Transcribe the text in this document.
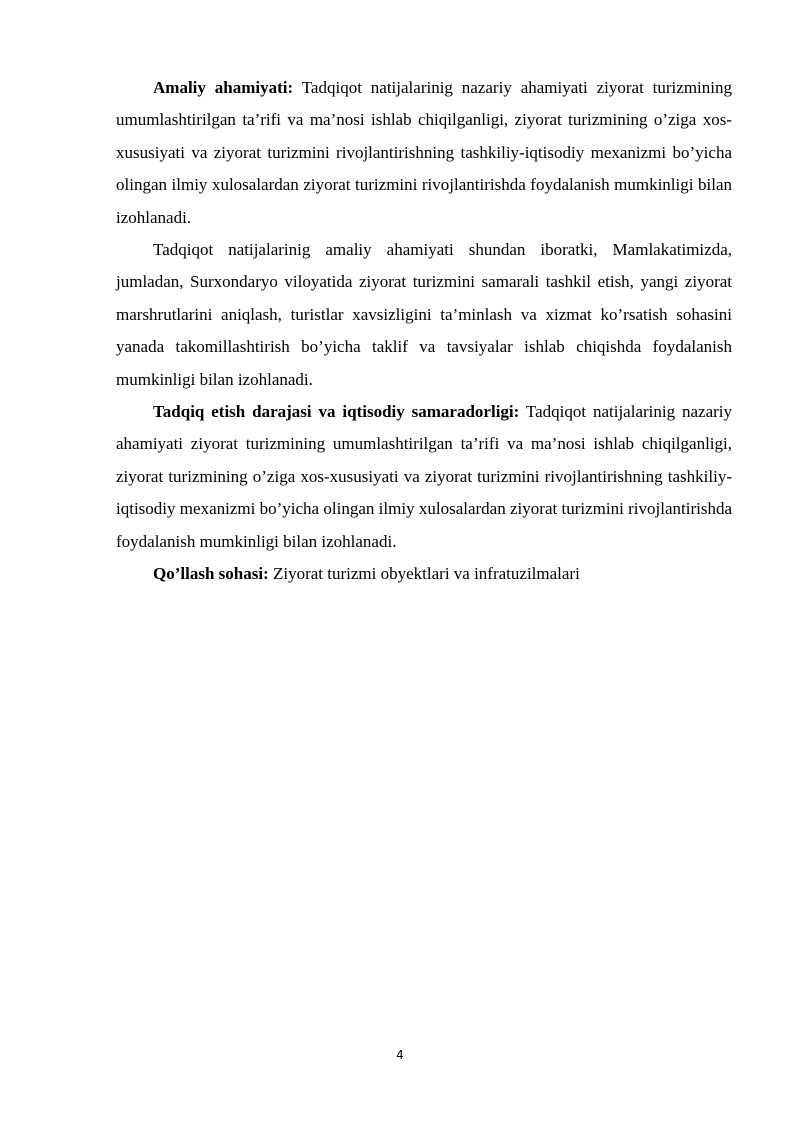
Amaliy ahamiyati: Tadqiqot natijalarinig nazariy ahamiyati ziyorat turizmining umumlashtirilgan ta’rifi va ma’nosi ishlab chiqilganligi, ziyorat turizmining o’ziga xos-xususiyati va ziyorat turizmini rivojlantirishning tashkiliy-iqtisodiy mexanizmi bo’yicha olingan ilmiy xulosalardan ziyorat turizmini rivojlantirishda foydalanish mumkinligi bilan izohlanadi.

Tadqiqot natijalarinig amaliy ahamiyati shundan iboratki, Mamlakatimizda, jumladan, Surxondaryo viloyatida ziyorat turizmini samarali tashkil etish, yangi ziyorat marshrutlarini aniqlash, turistlar xavsizligini ta’minlash va xizmat ko’rsatish sohasini yanada takomillashtirish bo’yicha taklif va tavsiyalar ishlab chiqishda foydalanish mumkinligi bilan izohlanadi.

Tadqiq etish darajasi va iqtisodiy samaradorligi: Tadqiqot natijalarinig nazariy ahamiyati ziyorat turizmining umumlashtirilgan ta’rifi va ma’nosi ishlab chiqilganligi, ziyorat turizmining o’ziga xos-xususiyati va ziyorat turizmini rivojlantirishning tashkiliy-iqtisodiy mexanizmi bo’yicha olingan ilmiy xulosalardan ziyorat turizmini rivojlantirishda foydalanish mumkinligi bilan izohlanadi.

Qo’llash sohasi: Ziyorat turizmi obyektlari va infratuzilmalari

4
